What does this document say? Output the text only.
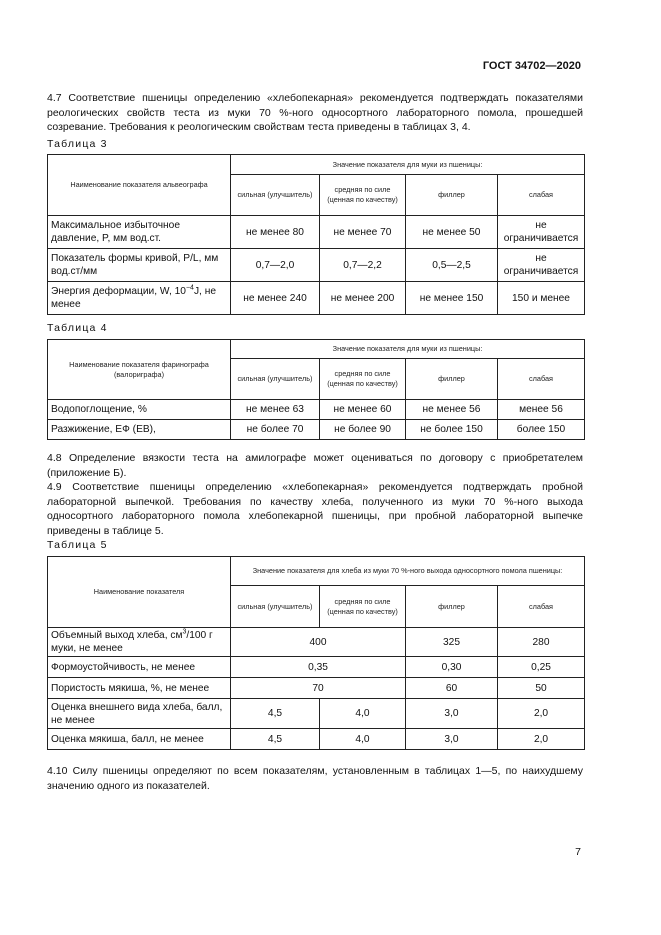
ГОСТ 34702—2020
4.7 Соответствие пшеницы определению «хлебопекарная» рекомендуется подтверждать показателями реологических свойств теста из муки 70 %-ного односортного лабораторного помола, прошедшей созревание. Требования к реологическим свойствам теста приведены в таблицах 3, 4.
Таблица 3
Наименование показателя альвеографа	Значение показателя для муки из пшеницы:			
	сильная (улучшитель)	средняя по силе (ценная по качеству)	филлер	слабая
Максимальное избыточное давление, P, мм вод.ст.	не менее 80	не менее 70	не менее 50	не ограничивается
Показатель формы кривой, P/L, мм вод.ст/мм	0,7—2,0	0,7—2,2	0,5—2,5	не ограничивается
Энергия деформации, W, $10^{-4}J$, не менее	не менее 240	не менее 200	не менее 150	150 и менее
Таблица 4
Наименование показателя фаринографа (валориграфа)	Значение показателя для муки из пшеницы:			
	сильная (улучшитель)	средняя по силе (ценная по качеству)	филлер	слабая
Водопоглощение, %	не менее 63	не менее 60	не менее 56	менее 56
Разжижение, ЕФ (ЕВ),	не более 70	не более 90	не более 150	более 150
4.8 Определение вязкости теста на амилографе может оцениваться по договору с приобретателем (приложение Б).
4.9 Соответствие пшеницы определению «хлебопекарная» рекомендуется подтверждать пробной лабораторной выпечкой. Требования по качеству хлеба, полученного из муки 70 %-ного выхода односортного лабораторного помола хлебопекарной пшеницы, при пробной лабораторной выпечке приведены в таблице 5.
Таблица 5
Наименование показателя	Значение показателя для хлеба из муки 70 %-ного выхода односортного помола пшеницы:			
	сильная (улучшитель)	средняя по силе (ценная по качеству)	филлер	слабая
Объемный выход хлеба, $см^3/100$ г муки, не менее	400		325	280
Формоустойчивость, не менее	0,35		0,30	0,25
Пористость мякиша, %, не менее	70		60	50
Оценка внешнего вида хлеба, балл, не менее	4,5	4,0	3,0	2,0
Оценка мякиша, балл, не менее	4,5	4,0	3,0	2,0
4.10 Силу пшеницы определяют по всем показателям, установленным в таблицах 1—5, по наихудшему значению одного из показателей.
7
